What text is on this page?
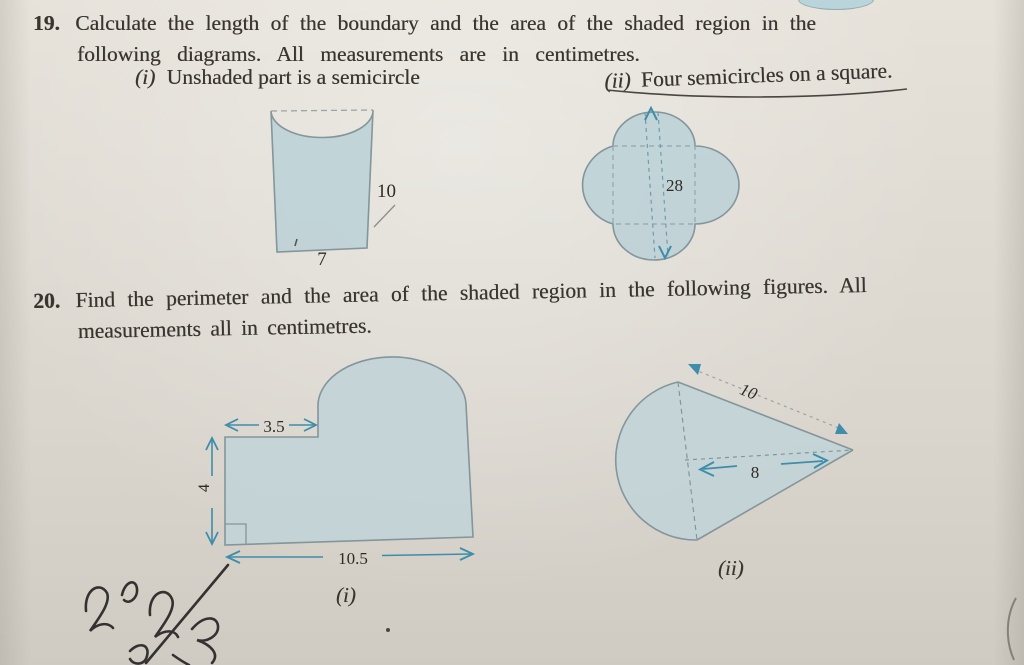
19. Calculate the length of the boundary and the area of the shaded region in the
following diagrams. All measurements are in centimetres.
(i) Unshaded part is a semicircle	(ii) Four semicircles on a square.
10
7
28
20. Find the perimeter and the area of the shaded region in the following figures. All
measurements all in centimetres.
3.5
4
10.5
(i)
10
8
(ii)
